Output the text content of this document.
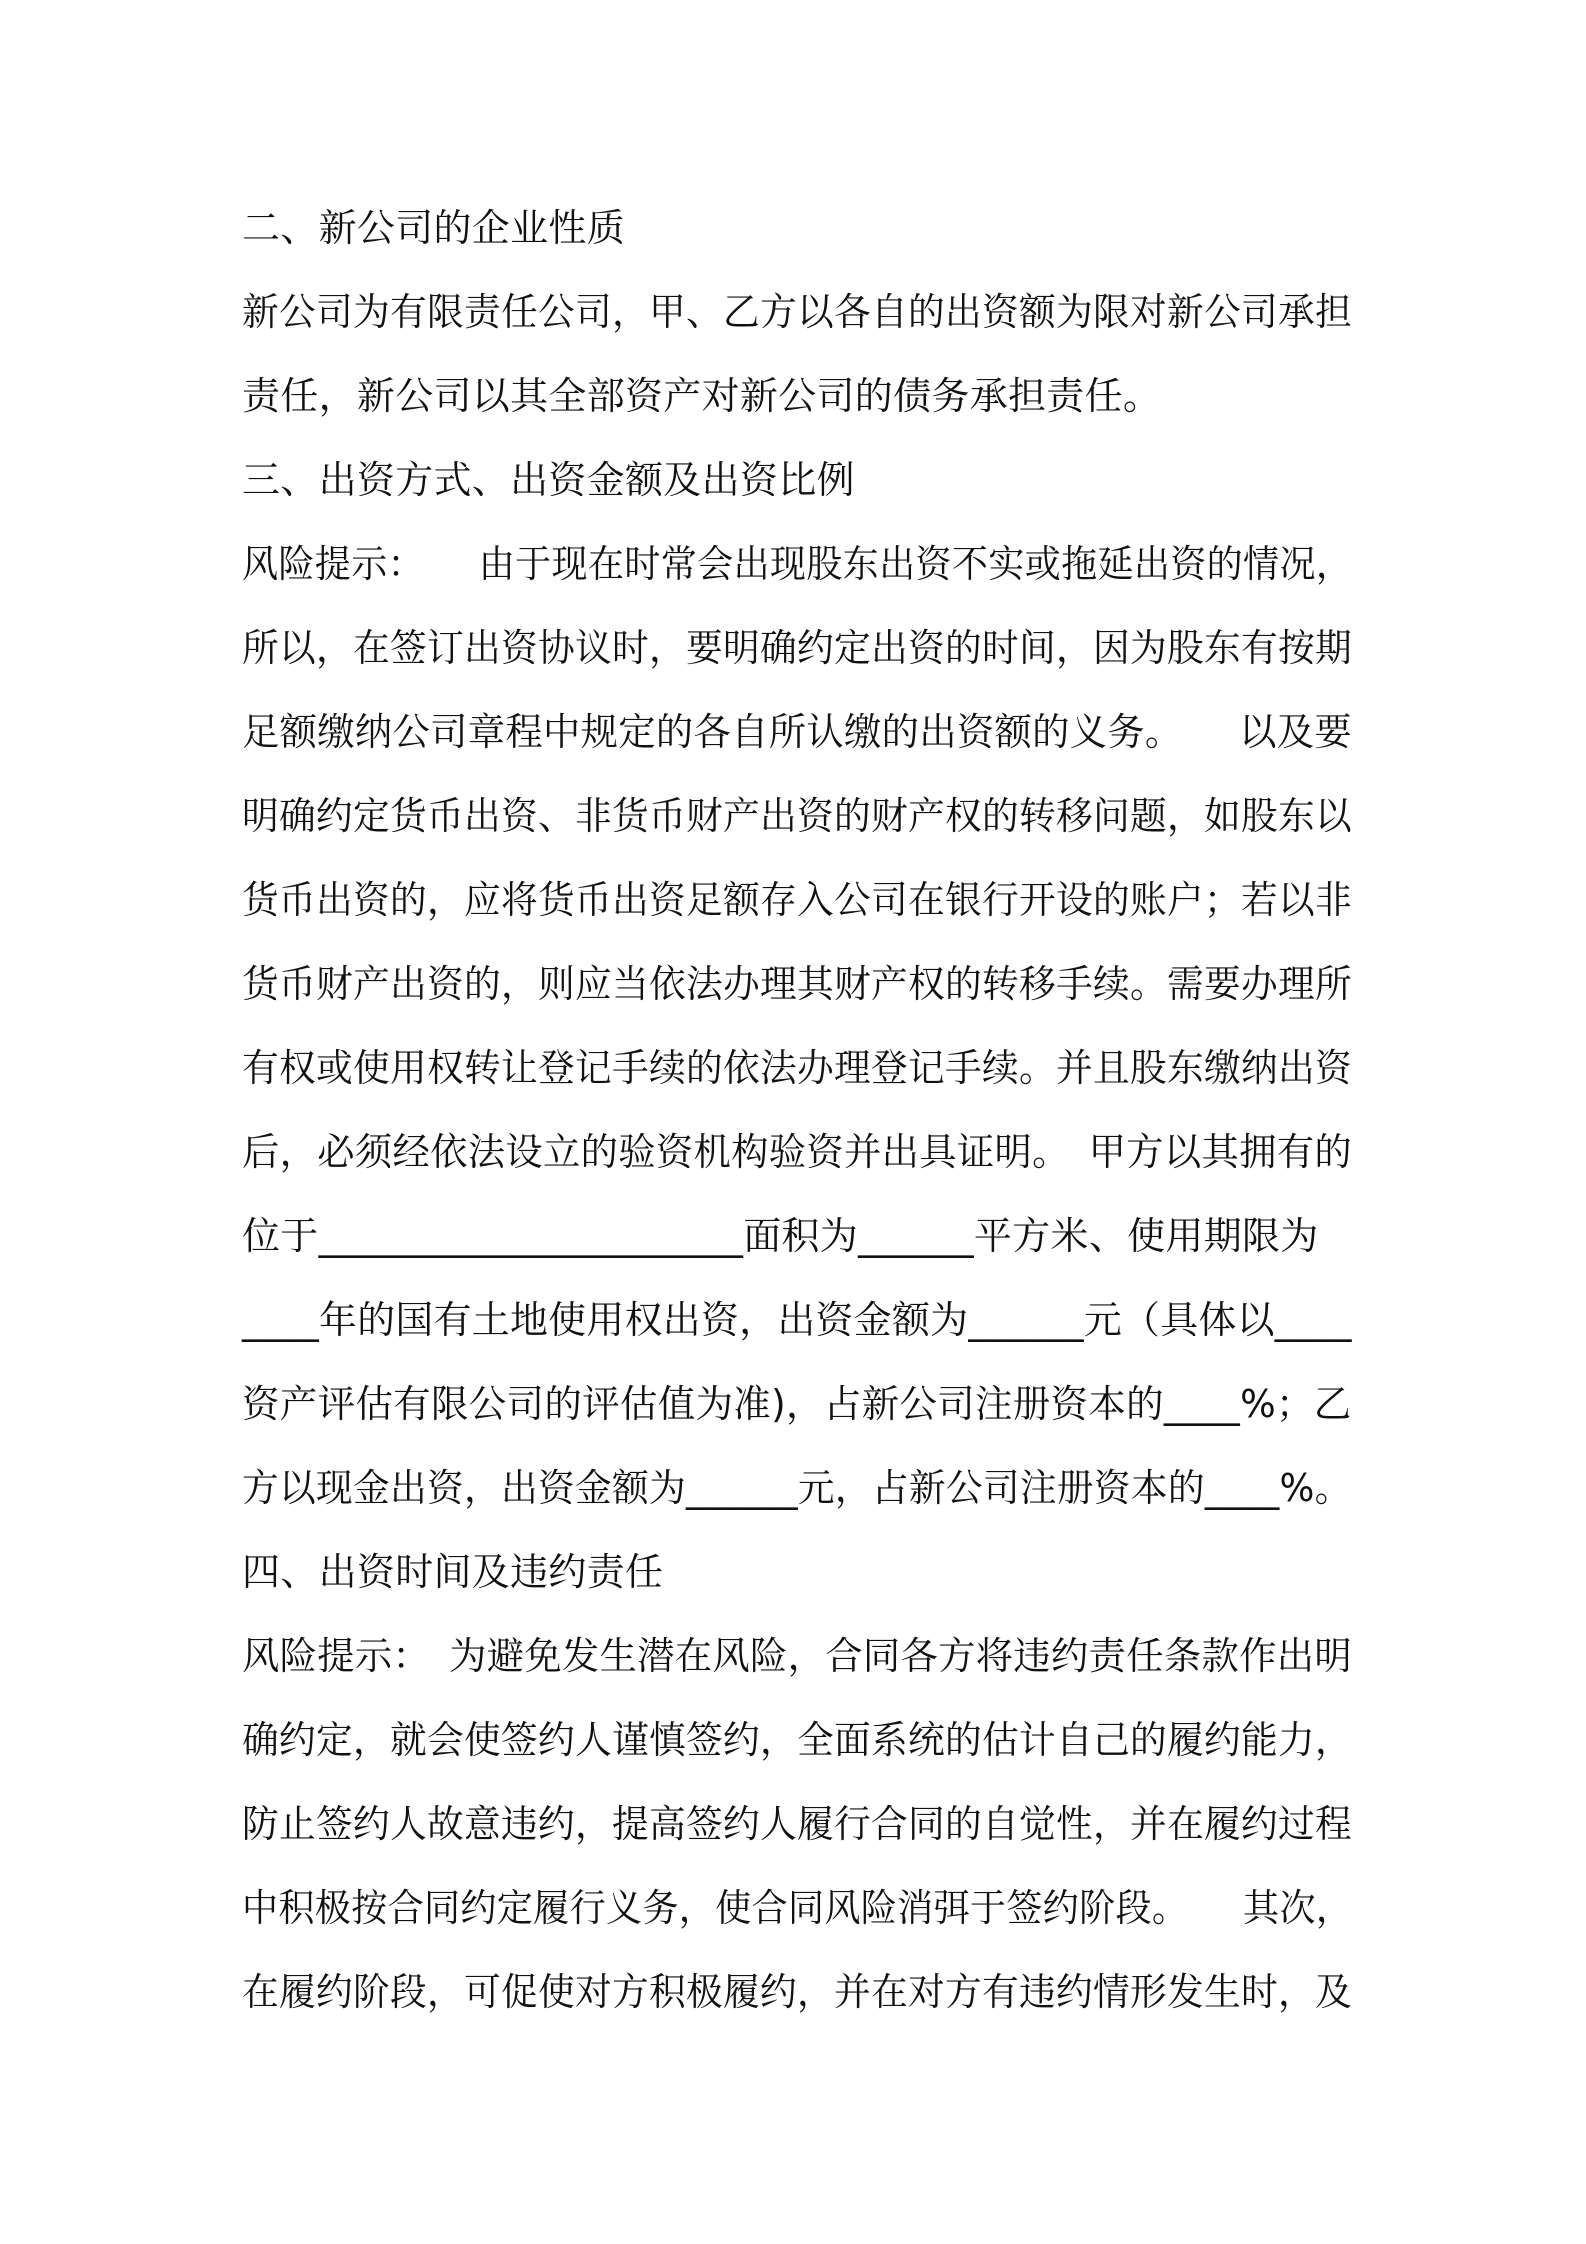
二、新公司的企业性质
新公司为有限责任公司，甲、乙方以各自的出资额为限对新公司承担
责任，新公司以其全部资产对新公司的债务承担责任。
三、出资方式、出资金额及出资比例
风险提示：　　由于现在时常会出现股东出资不实或拖延出资的情况，
所以，在签订出资协议时，要明确约定出资的时间，因为股东有按期
足额缴纳公司章程中规定的各自所认缴的出资额的义务。　　以及要
明确约定货币出资、非货币财产出资的财产权的转移问题，如股东以
货币出资的，应将货币出资足额存入公司在银行开设的账户；若以非
货币财产出资的，则应当依法办理其财产权的转移手续。需要办理所
有权或使用权转让登记手续的依法办理登记手续。并且股东缴纳出资
后，必须经依法设立的验资机构验资并出具证明。　甲方以其拥有的
位于______________________面积为______平方米、使用期限为
____年的国有土地使用权出资，出资金额为______元（具体以____
资产评估有限公司的评估值为准)，占新公司注册资本的____%；乙
方以现金出资，出资金额为______元，占新公司注册资本的____%。
四、出资时间及违约责任
风险提示：　为避免发生潜在风险，合同各方将违约责任条款作出明
确约定，就会使签约人谨慎签约，全面系统的估计自己的履约能力，
防止签约人故意违约，提高签约人履行合同的自觉性，并在履约过程
中积极按合同约定履行义务，使合同风险消弭于签约阶段。　　其次，
在履约阶段，可促使对方积极履约，并在对方有违约情形发生时，及
